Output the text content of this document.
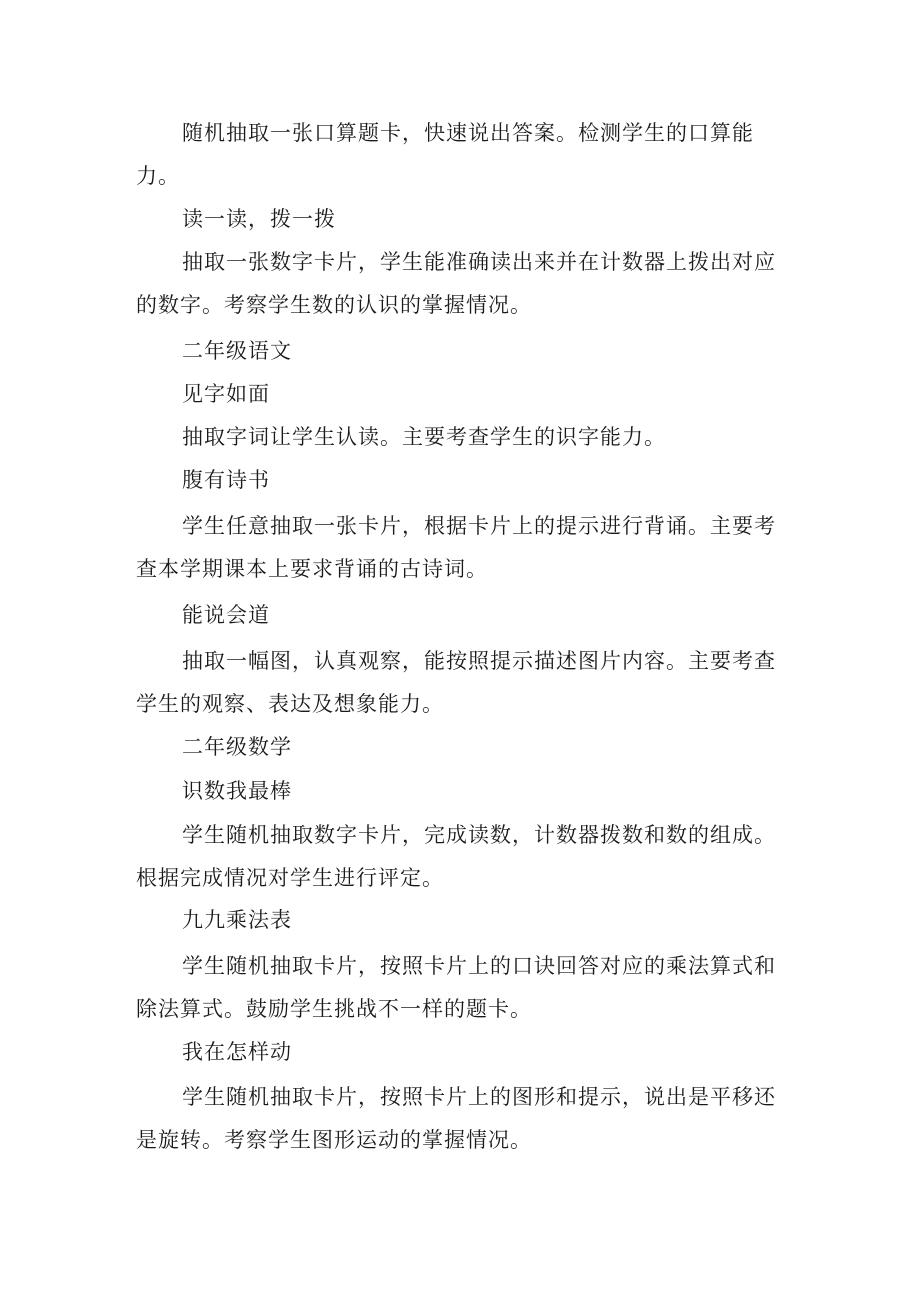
随机抽取一张口算题卡，快速说出答案。检测学生的口算能力。

读一读，拨一拨

抽取一张数字卡片，学生能准确读出来并在计数器上拨出对应的数字。考察学生数的认识的掌握情况。

二年级语文

见字如面

抽取字词让学生认读。主要考查学生的识字能力。

腹有诗书

学生任意抽取一张卡片，根据卡片上的提示进行背诵。主要考查本学期课本上要求背诵的古诗词。

能说会道

抽取一幅图，认真观察，能按照提示描述图片内容。主要考查学生的观察、表达及想象能力。

二年级数学

识数我最棒

学生随机抽取数字卡片，完成读数，计数器拨数和数的组成。根据完成情况对学生进行评定。

九九乘法表

学生随机抽取卡片，按照卡片上的口诀回答对应的乘法算式和除法算式。鼓励学生挑战不一样的题卡。

我在怎样动

学生随机抽取卡片，按照卡片上的图形和提示，说出是平移还是旋转。考察学生图形运动的掌握情况。
